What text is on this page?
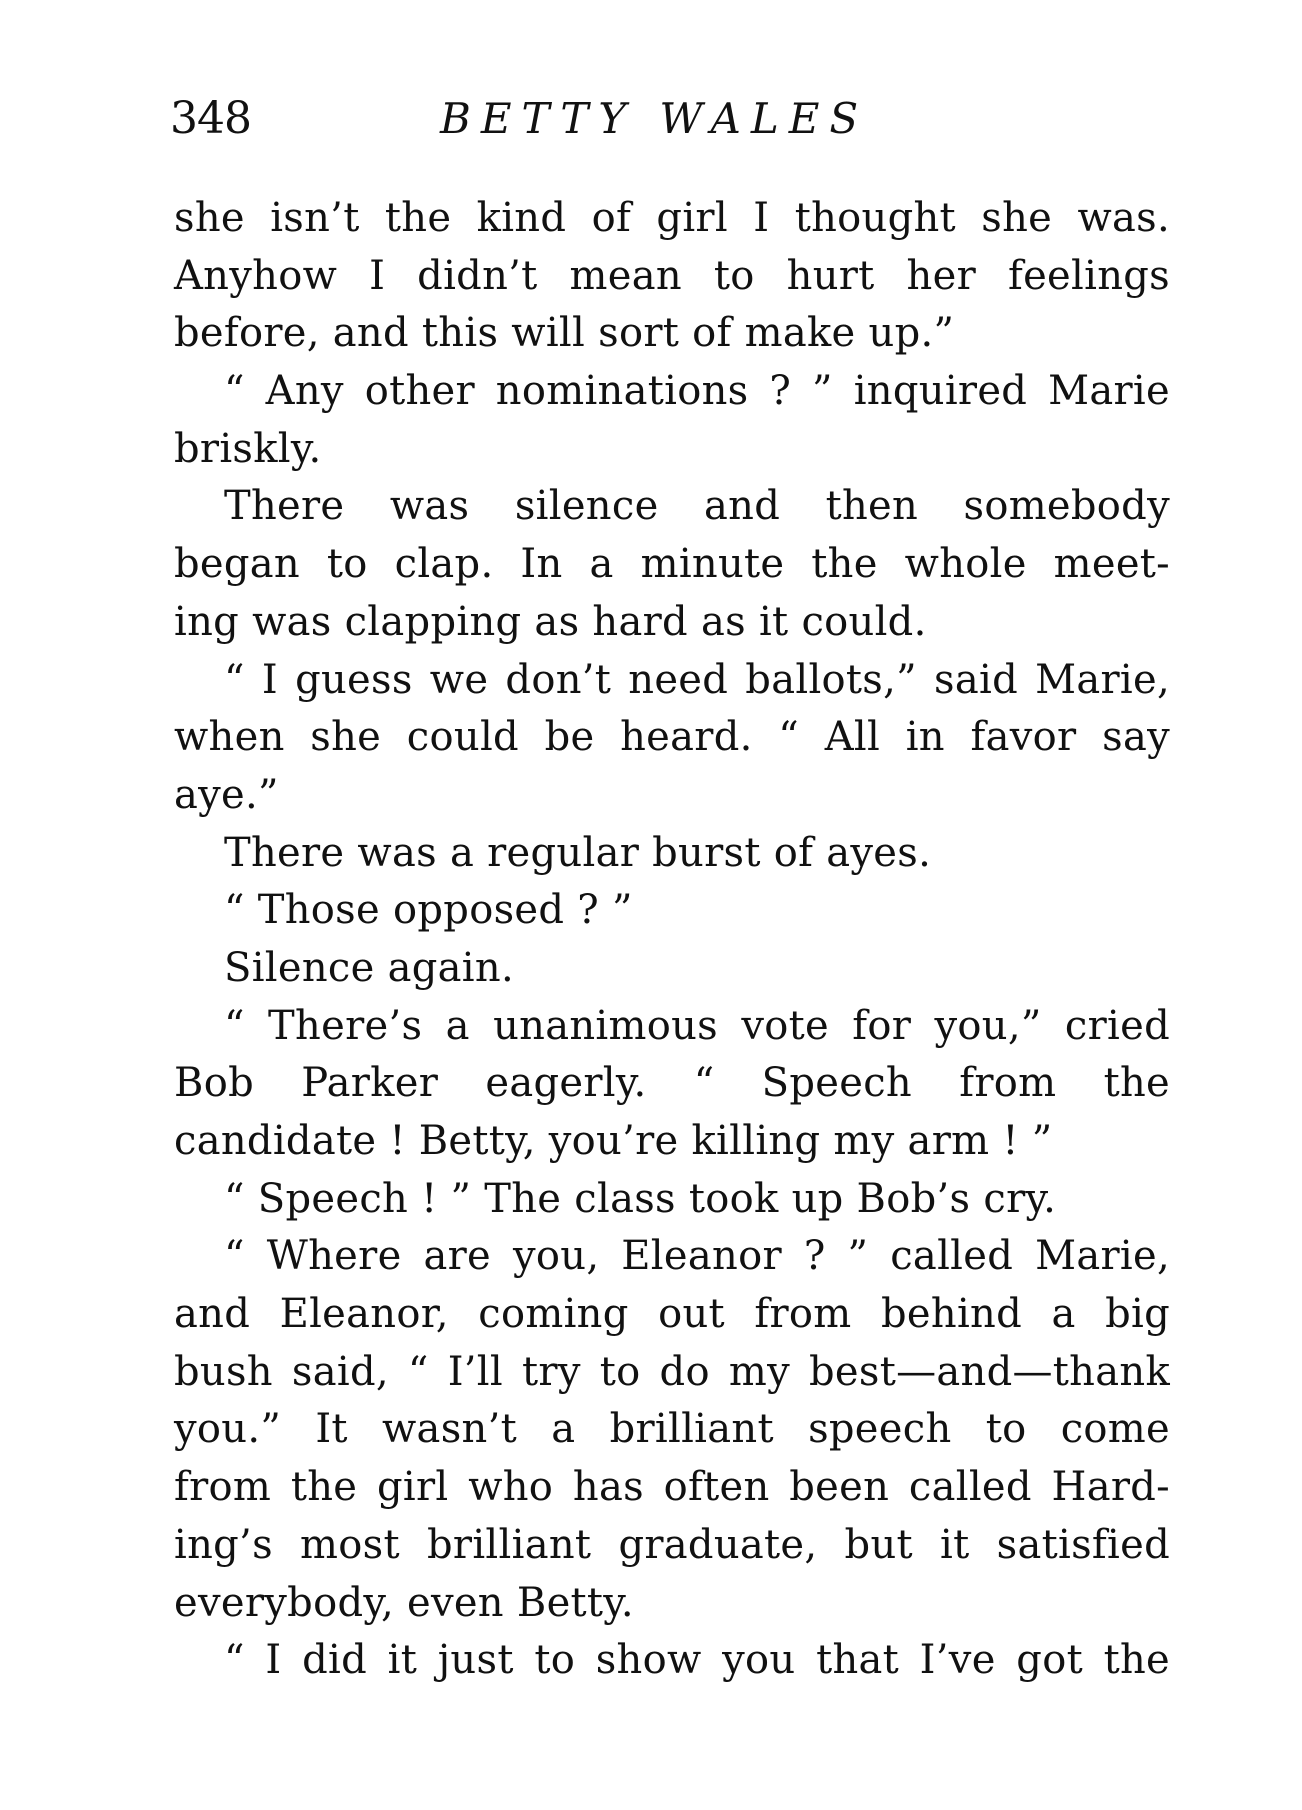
348	BETTY WALES
she isn’t the kind of girl I thought she was.
Anyhow I didn’t mean to hurt her feelings
before, and this will sort of make up.”
“ Any other nominations ? ” inquired Marie
briskly.
There was silence and then somebody
began to clap. In a minute the whole meet-
ing was clapping as hard as it could.
“ I guess we don’t need ballots,” said Marie,
when she could be heard. “ All in favor say
aye.”
There was a regular burst of ayes.
“ Those opposed ? ”
Silence again.
“ There’s a unanimous vote for you,” cried
Bob Parker eagerly. “ Speech from the
candidate ! Betty, you’re killing my arm ! ”
“ Speech ! ” The class took up Bob’s cry.
“ Where are you, Eleanor ? ” called Marie,
and Eleanor, coming out from behind a big
bush said, “ I’ll try to do my best—and—thank
you.” It wasn’t a brilliant speech to come
from the girl who has often been called Hard-
ing’s most brilliant graduate, but it satisfied
everybody, even Betty.
“ I did it just to show you that I’ve got the
